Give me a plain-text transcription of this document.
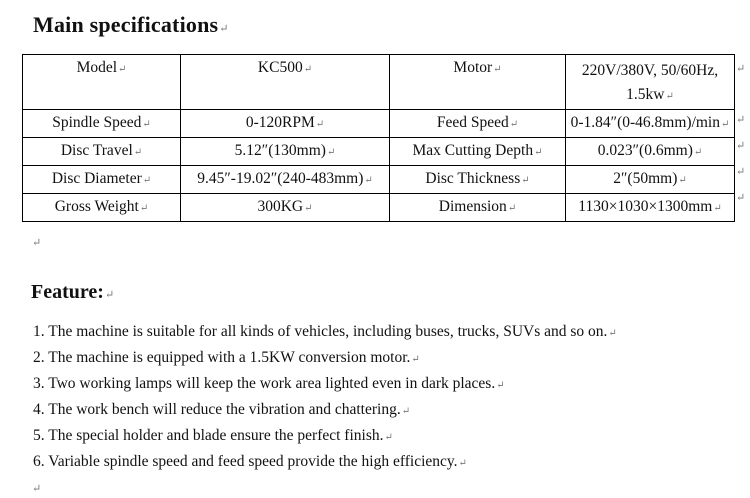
Main specifications↵
Model↵	KC500↵	Motor↵	220V/380V, 50/60Hz,
1.5kw↵

Spindle Speed↵	0-120RPM↵	Feed Speed↵	0-1.84″(0-46.8mm)/min↵
Disc Travel↵	5.12″(130mm)↵	Max Cutting Depth↵	0.023″(0.6mm)↵
Disc Diameter↵	9.45″-19.02″(240-483mm)↵	Disc Thickness↵	2″(50mm)↵
Gross Weight↵	300KG↵	Dimension↵	1130×1030×1300mm↵
↵
↵
↵
↵
↵
↵
Feature:↵
1. The machine is suitable for all kinds of vehicles, including buses, trucks, SUVs and so on.↵
2. The machine is equipped with a 1.5KW conversion motor.↵
3. Two working lamps will keep the work area lighted even in dark places.↵
4. The work bench will reduce the vibration and chattering.↵
5. The special holder and blade ensure the perfect finish.↵
6. Variable spindle speed and feed speed provide the high efficiency.↵
↵
